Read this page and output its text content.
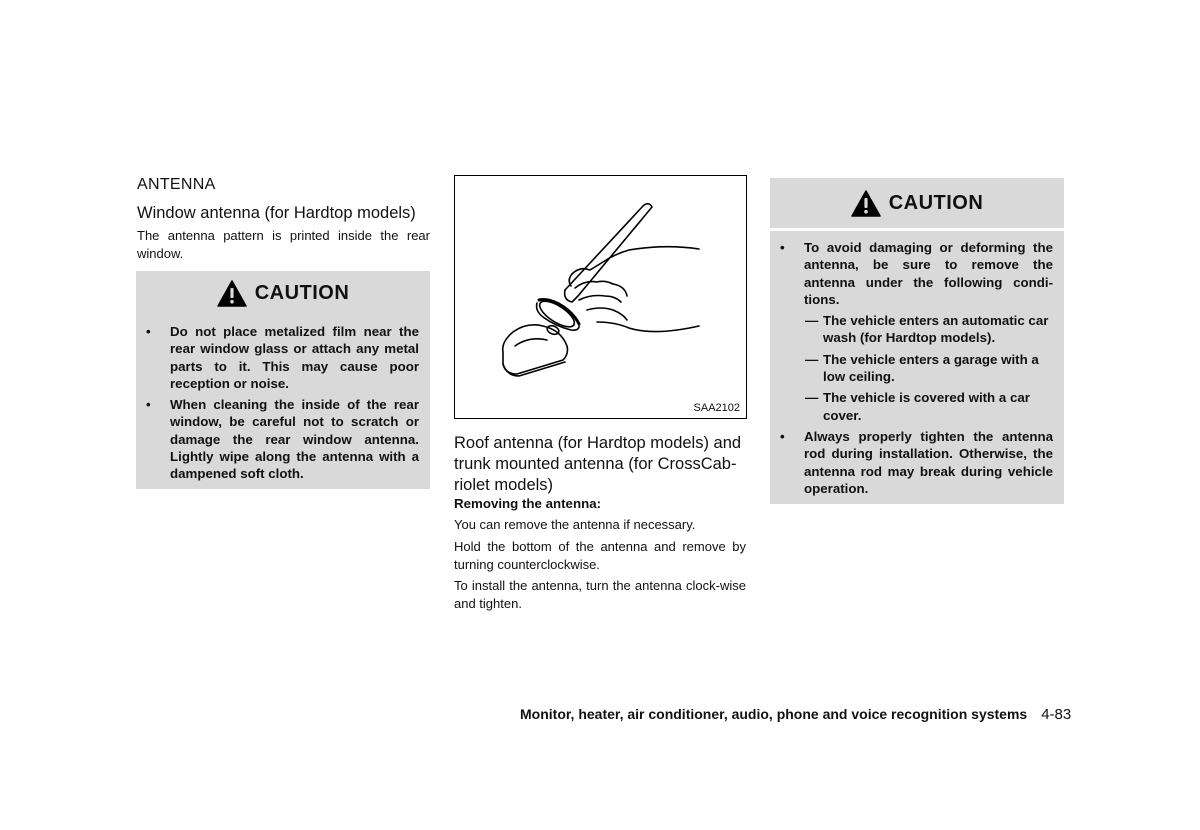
ANTENNA
Window antenna (for Hardtop models)
The antenna pattern is printed inside the rear window.
CAUTION
• Do not place metalized film near the rear window glass or attach any metal parts to it. This may cause poor reception or noise.
• When cleaning the inside of the rear window, be careful not to scratch or damage the rear window antenna. Lightly wipe along the antenna with a dampened soft cloth.
SAA2102
Roof antenna (for Hardtop models) and trunk mounted antenna (for CrossCab-riolet models)
Removing the antenna:
You can remove the antenna if necessary.
Hold the bottom of the antenna and remove by turning counterclockwise.
To install the antenna, turn the antenna clock-wise and tighten.
CAUTION
• To avoid damaging or deforming the antenna, be sure to remove the antenna under the following condi-tions.
— The vehicle enters an automatic car wash (for Hardtop models).
— The vehicle enters a garage with a low ceiling.
— The vehicle is covered with a car cover.
• Always properly tighten the antenna rod during installation. Otherwise, the antenna rod may break during vehicle operation.
Monitor, heater, air conditioner, audio, phone and voice recognition systems 4-83
